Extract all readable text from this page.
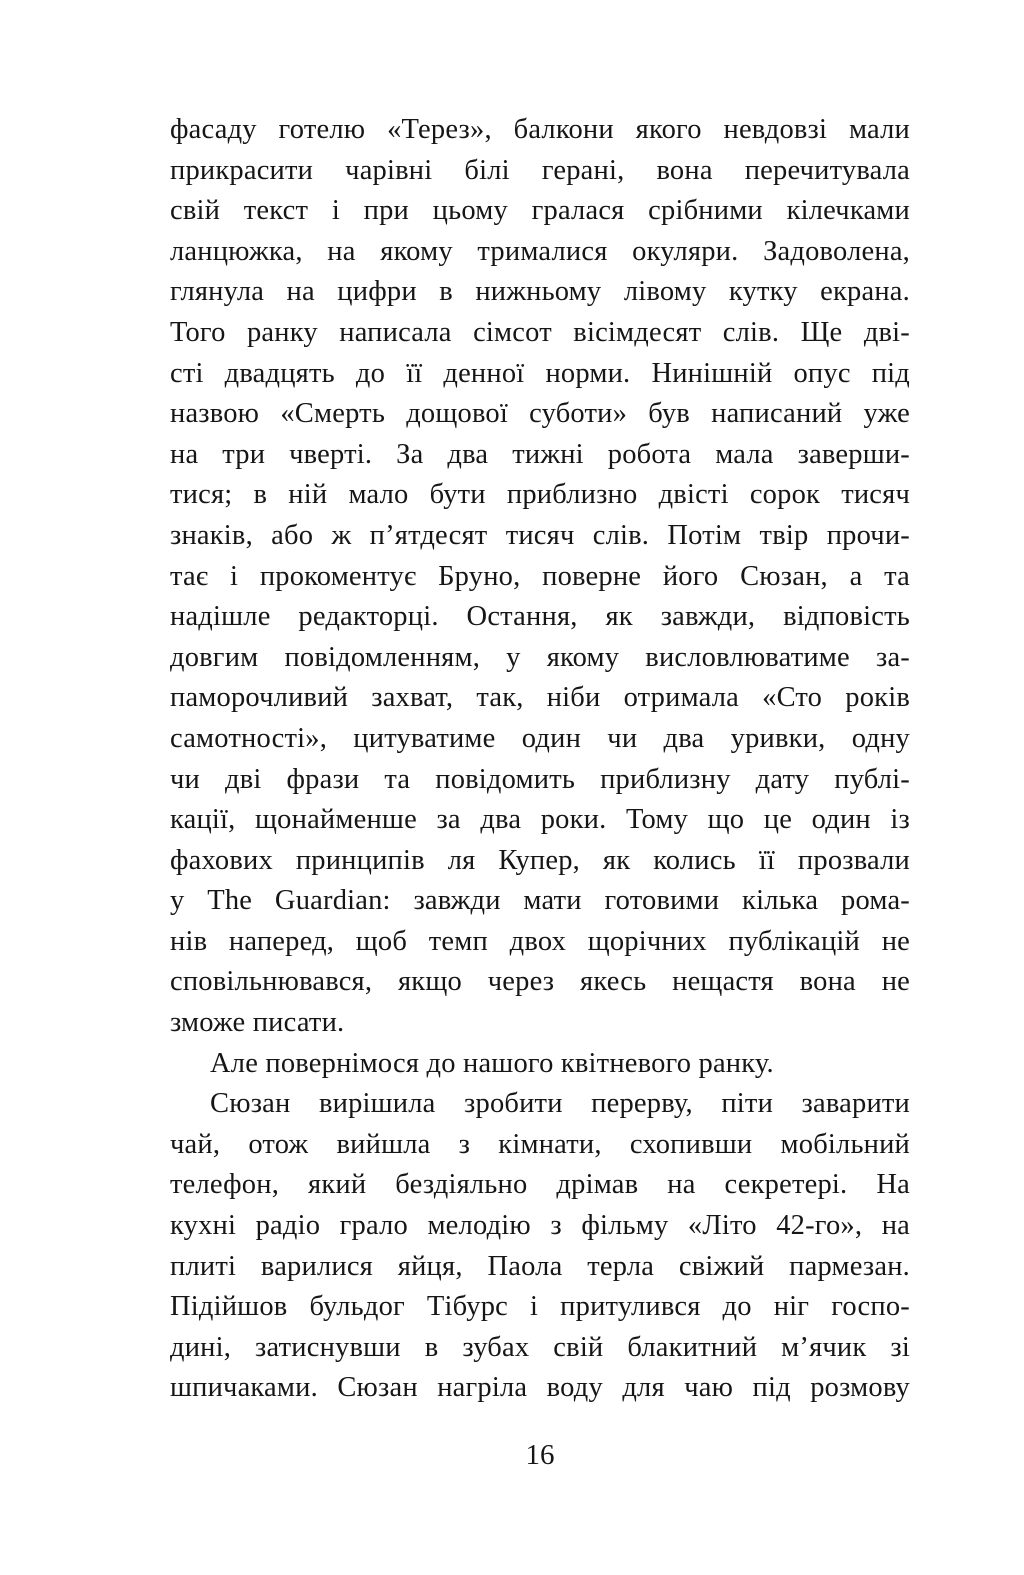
фасаду готелю «Терез», балкони якого невдовзі мали
прикрасити чарівні білі герані, вона перечитувала
свій текст і при цьому гралася срібними кілечками
ланцюжка, на якому трималися окуляри. Задоволена,
глянула на цифри в нижньому лівому кутку екрана.
Того ранку написала сімсот вісімдесят слів. Ще дві-
сті двадцять до її денної норми. Нинішній опус під
назвою «Смерть дощової суботи» був написаний уже
на три чверті. За два тижні робота мала заверши-
тися; в ній мало бути приблизно двісті сорок тисяч
знаків, або ж п’ятдесят тисяч слів. Потім твір прочи-
тає і прокоментує Бруно, поверне його Сюзан, а та
надішле редакторці. Остання, як завжди, відповість
довгим повідомленням, у якому висловлюватиме за-
паморочливий захват, так, ніби отримала «Сто років
самотності», цитуватиме один чи два уривки, одну
чи дві фрази та повідомить приблизну дату публі-
кації, щонайменше за два роки. Тому що це один із
фахових принципів ля Купер, як колись її прозвали
у The Guardian: завжди мати готовими кілька рома-
нів наперед, щоб темп двох щорічних публікацій не
сповільнювався, якщо через якесь нещастя вона не
зможе писати.
Але повернімося до нашого квітневого ранку.
Сюзан вирішила зробити перерву, піти заварити
чай, отож вийшла з кімнати, схопивши мобільний
телефон, який бездіяльно дрімав на секретері. На
кухні радіо грало мелодію з фільму «Літо 42-го», на
плиті варилися яйця, Паола терла свіжий пармезан.
Підійшов бульдог Тібурс і притулився до ніг госпо-
дині, затиснувши в зубах свій блакитний м’ячик зі
шпичаками. Сюзан нагріла воду для чаю під розмову
16
